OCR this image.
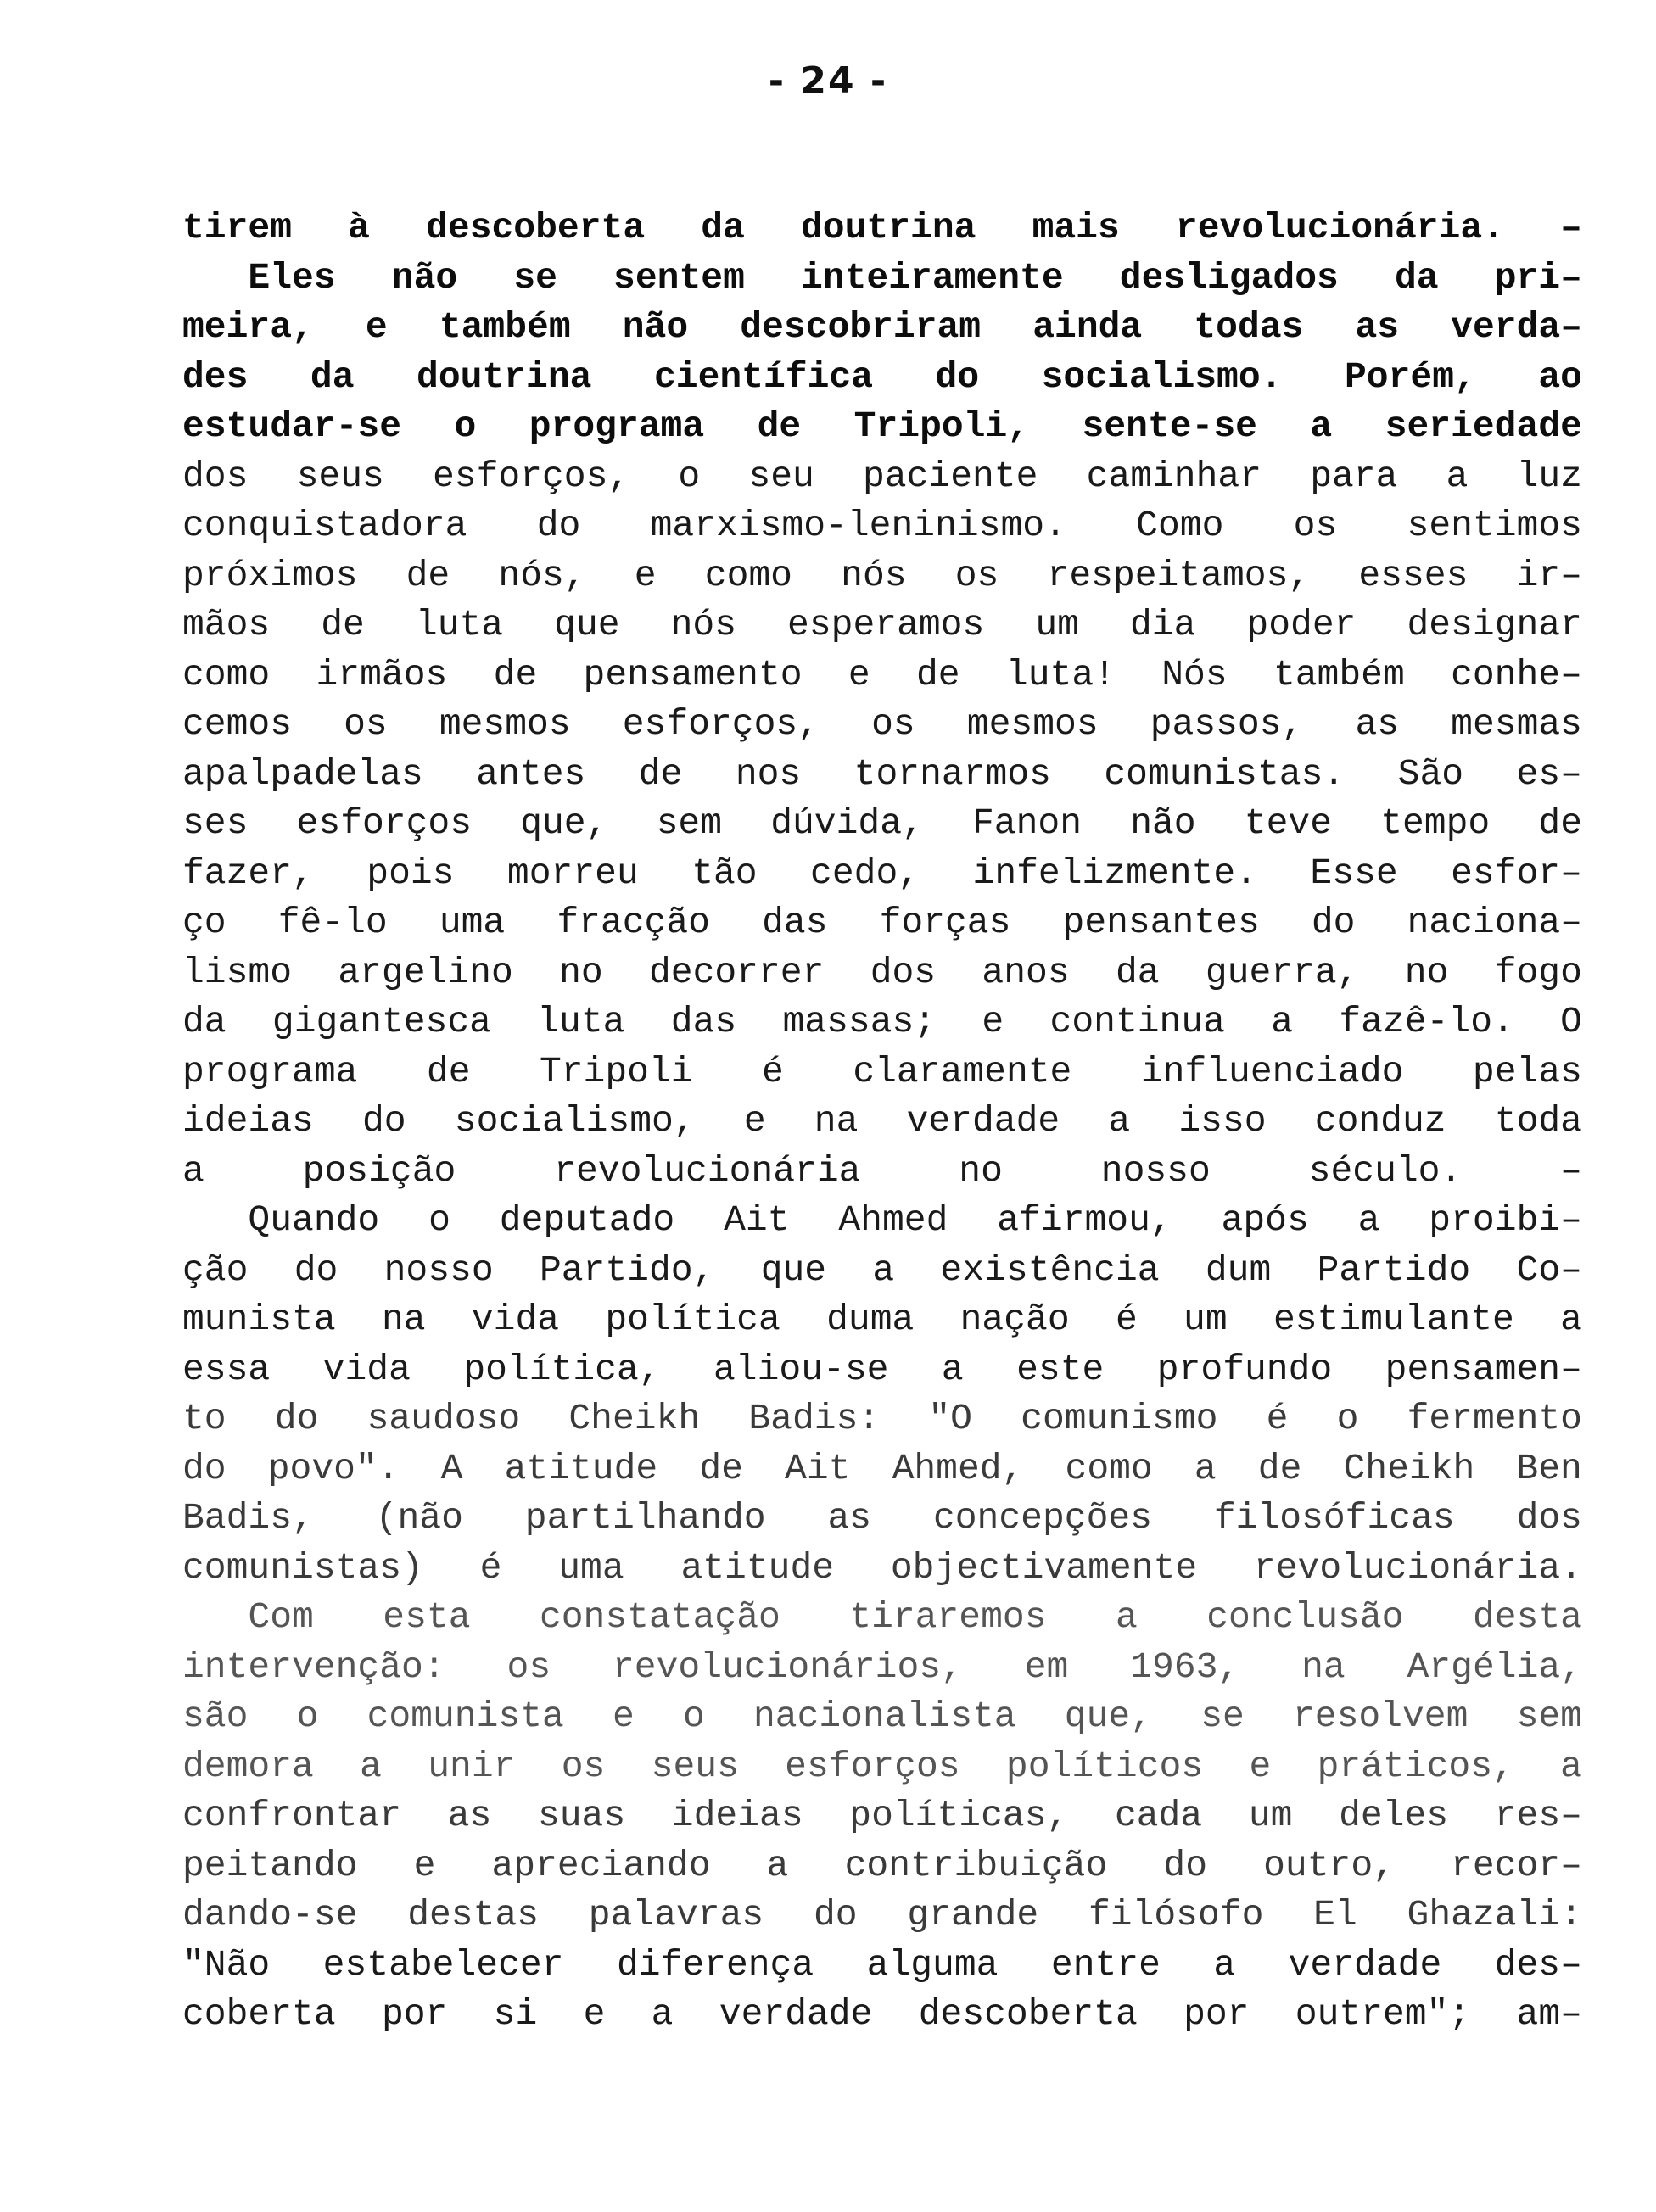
- 24 -
tirem à descoberta da doutrina mais revolucionária. –
Eles não se sentem inteiramente desligados da pri–
meira, e também não descobriram ainda todas as verda–
des da doutrina científica do socialismo. Porém, ao
estudar-se o programa de Tripoli, sente-se a seriedade
dos seus esforços, o seu paciente caminhar para a luz
conquistadora do marxismo-leninismo. Como os sentimos
próximos de nós, e como nós os respeitamos, esses ir–
mãos de luta que nós esperamos um dia poder designar
como irmãos de pensamento e de luta! Nós também conhe–
cemos os mesmos esforços, os mesmos passos, as mesmas
apalpadelas antes de nos tornarmos comunistas. São es–
ses esforços que, sem dúvida, Fanon não teve tempo de
fazer, pois morreu tão cedo, infelizmente. Esse esfor–
ço fê-lo uma fracção das forças pensantes do naciona–
lismo argelino no decorrer dos anos da guerra, no fogo
da gigantesca luta das massas; e continua a fazê-lo. O
programa de Tripoli é claramente influenciado pelas
ideias do socialismo, e na verdade a isso conduz toda
a	posição	revolucionária	no	nosso	século.	–
Quando o deputado Ait Ahmed afirmou, após a proibi–
ção do nosso Partido, que a existência dum Partido Co–
munista na vida política duma nação é um estimulante a
essa vida política, aliou-se a este profundo pensamen–
to do saudoso Cheikh Badis: "O comunismo é o fermento
do povo". A atitude de Ait Ahmed, como a de Cheikh Ben
Badis, (não partilhando as concepções filosóficas dos
comunistas) é uma atitude objectivamente revolucionária.
Com esta constatação tiraremos a conclusão desta
intervenção: os revolucionários, em 1963, na Argélia,
são o comunista e o nacionalista que, se resolvem sem
demora a unir os seus esforços políticos e práticos, a
confrontar as suas ideias políticas, cada um deles res–
peitando e apreciando a contribuição do outro, recor–
dando-se destas palavras do grande filósofo El Ghazali:
"Não estabelecer diferença alguma entre a verdade des–
coberta por si e a verdade descoberta por outrem"; am–
